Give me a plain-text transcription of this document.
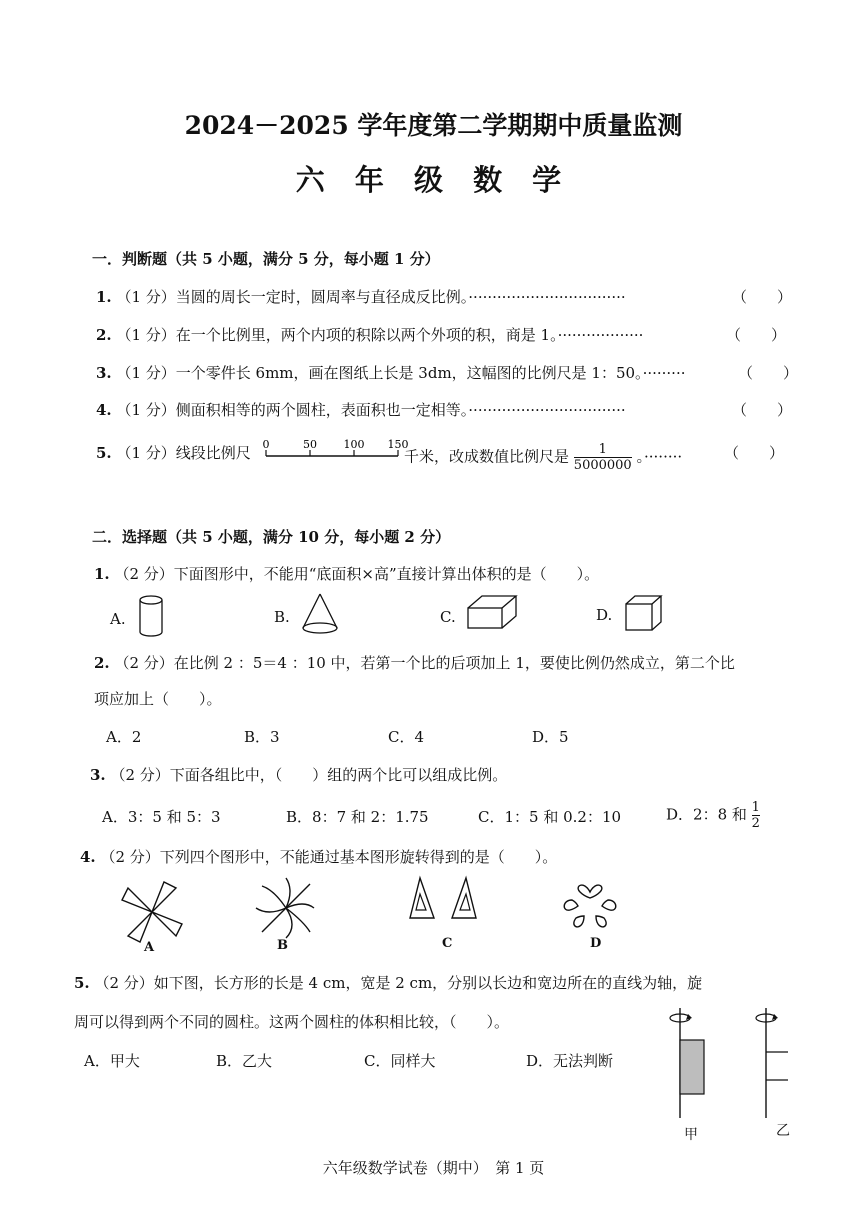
2024－2025 学年度第二学期期中质量监测
六 年 级 数 学
一．判断题（共 5 小题，满分 5 分，每小题 1 分）
1. （1 分）当圆的周长一定时，圆周率与直径成反比例。·································	（　　）
2. （1 分）在一个比例里，两个内项的积除以两个外项的积，商是 1。··················	（　　）
3. （1 分）一个零件长 6mm，画在图纸上长是 3dm，这幅图的比例尺是 1：50。·········	（　　）
4. （1 分）侧面积相等的两个圆柱，表面积也一定相等。·································	（　　）
5. （1 分）线段比例尺 0	50 100 150
千米，改成数值比例尺是 $\frac{1}{5000000}$ 。········	（　　）
二．选择题（共 5 小题，满分 10 分，每小题 2 分）
1. （2 分）下面图形中，不能用“底面积×高”直接计算出体积的是（　　）。
A.	B.	C.	D.
2. （2 分）在比例 2 ：5＝4 ：10 中，若第一个比的后项加上 1，要使比例仍然成立，第二个比
项应加上（　　）。
A．2	B．3	C．4	D．5
3. （2 分）下面各组比中，（　　）组的两个比可以组成比例。
A．3：5 和 5：3	B．8：7 和 2：1.75	C．1：5 和 0.2：10	D．2：8 和 $\frac{1}{2}$
4. （2 分）下列四个图形中，不能通过基本图形旋转得到的是（　　）。
A	B	C	D
5. （2 分）如下图，长方形的长是 4 cm，宽是 2 cm，分别以长边和宽边所在的直线为轴，旋
周可以得到两个不同的圆柱。这两个圆柱的体积相比较，（　　）。
A．甲大	B．乙大	C．同样大	D．无法判断
甲	乙
六年级数学试卷（期中）　第 1 页
